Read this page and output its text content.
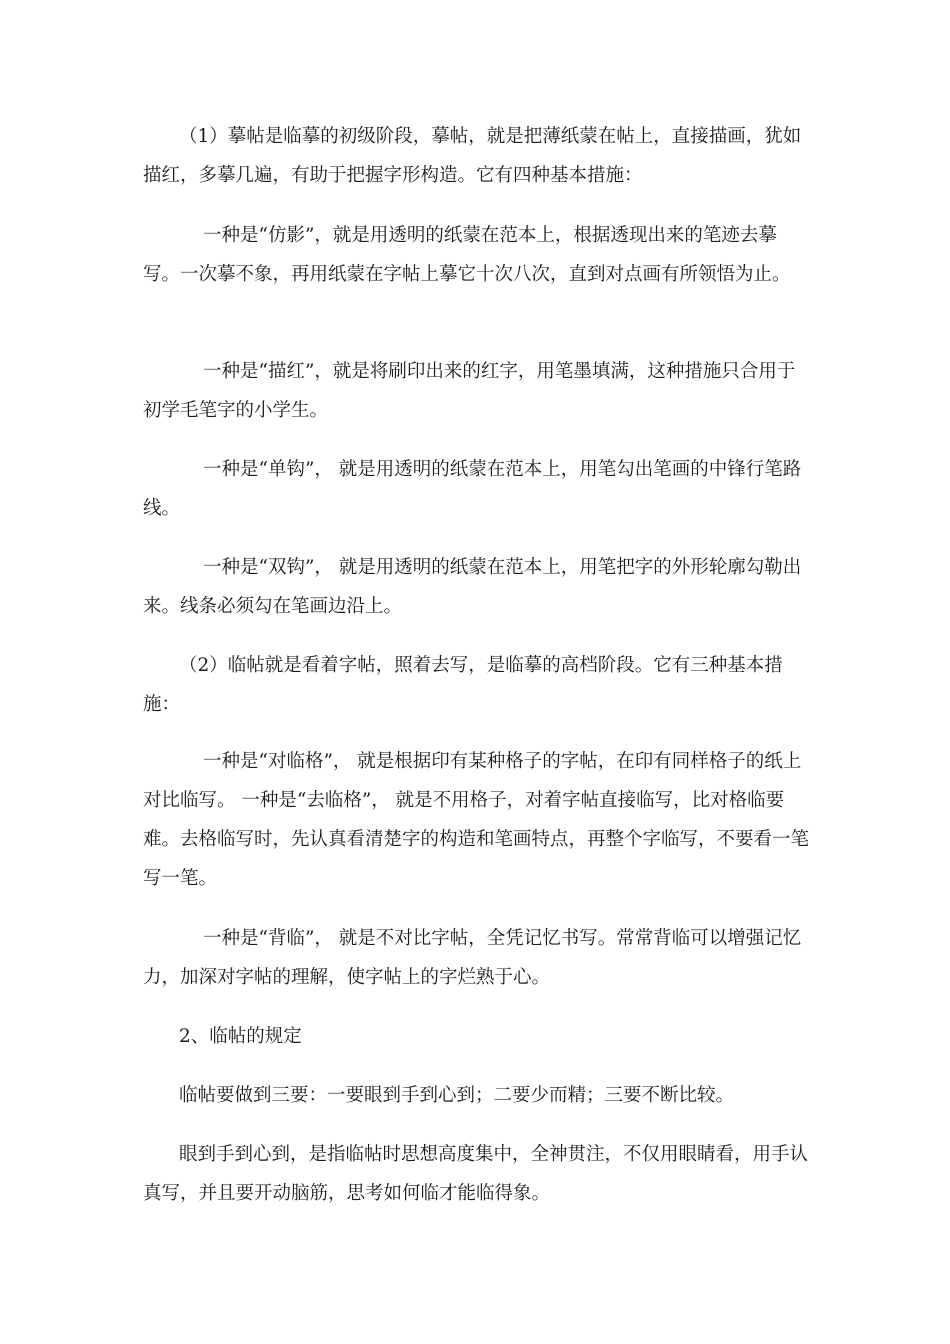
（1）摹帖是临摹的初级阶段，摹帖，就是把薄纸蒙在帖上，直接描画，犹如描红，多摹几遍，有助于把握字形构造。它有四种基本措施：

一种是“仿影”，就是用透明的纸蒙在范本上，根据透现出来的笔迹去摹写。一次摹不象，再用纸蒙在字帖上摹它十次八次，直到对点画有所领悟为止。

一种是“描红”，就是将刷印出来的红字，用笔墨填满，这种措施只合用于初学毛笔字的小学生。

一种是“单钩”， 就是用透明的纸蒙在范本上，用笔勾出笔画的中锋行笔路线。

一种是“双钩”， 就是用透明的纸蒙在范本上，用笔把字的外形轮廓勾勒出来。线条必须勾在笔画边沿上。

（2）临帖就是看着字帖，照着去写，是临摹的高档阶段。它有三种基本措施：

一种是“对临格”， 就是根据印有某种格子的字帖，在印有同样格子的纸上对比临写。 一种是“去临格”， 就是不用格子，对着字帖直接临写，比对格临要难。去格临写时，先认真看清楚字的构造和笔画特点，再整个字临写，不要看一笔写一笔。

一种是“背临”， 就是不对比字帖，全凭记忆书写。常常背临可以增强记忆力，加深对字帖的理解，使字帖上的字烂熟于心。

2、临帖的规定

临帖要做到三要：一要眼到手到心到；二要少而精；三要不断比较。

眼到手到心到，是指临帖时思想高度集中，全神贯注，不仅用眼睛看，用手认真写，并且要开动脑筋，思考如何临才能临得象。
